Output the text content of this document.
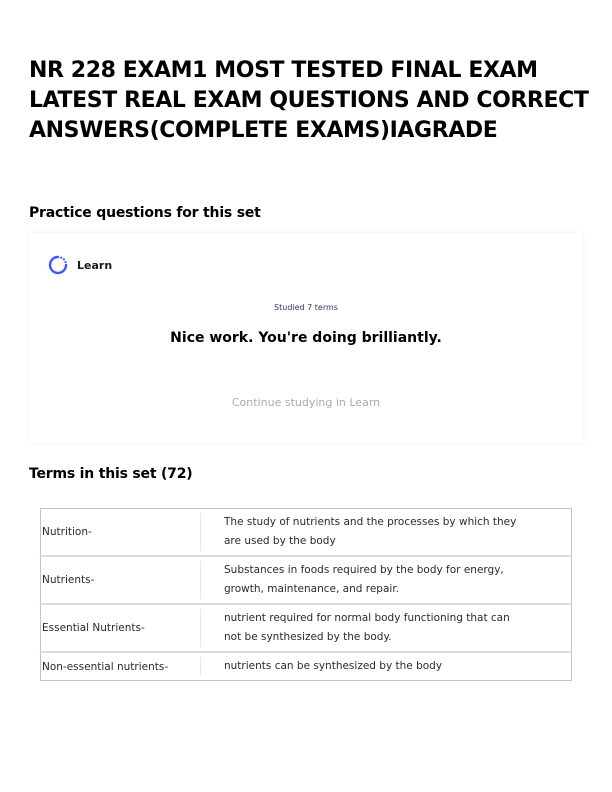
NR 228 EXAM1 MOST TESTED FINAL EXAM LATEST REAL EXAM QUESTIONS AND CORRECT ANSWERS(COMPLETE EXAMS)IAGRADE
Practice questions for this set
Learn
Studied 7 terms
Nice work. You're doing brilliantly.
Continue studying in Learn
Terms in this set (72)
Nutrition-
The study of nutrients and the processes by which they are used by the body
Nutrients-
Substances in foods required by the body for energy, growth, maintenance, and repair.
Essential Nutrients-
nutrient required for normal body functioning that can not be synthesized by the body.
Non-essential nutrients-	nutrients can be synthesized by the body
